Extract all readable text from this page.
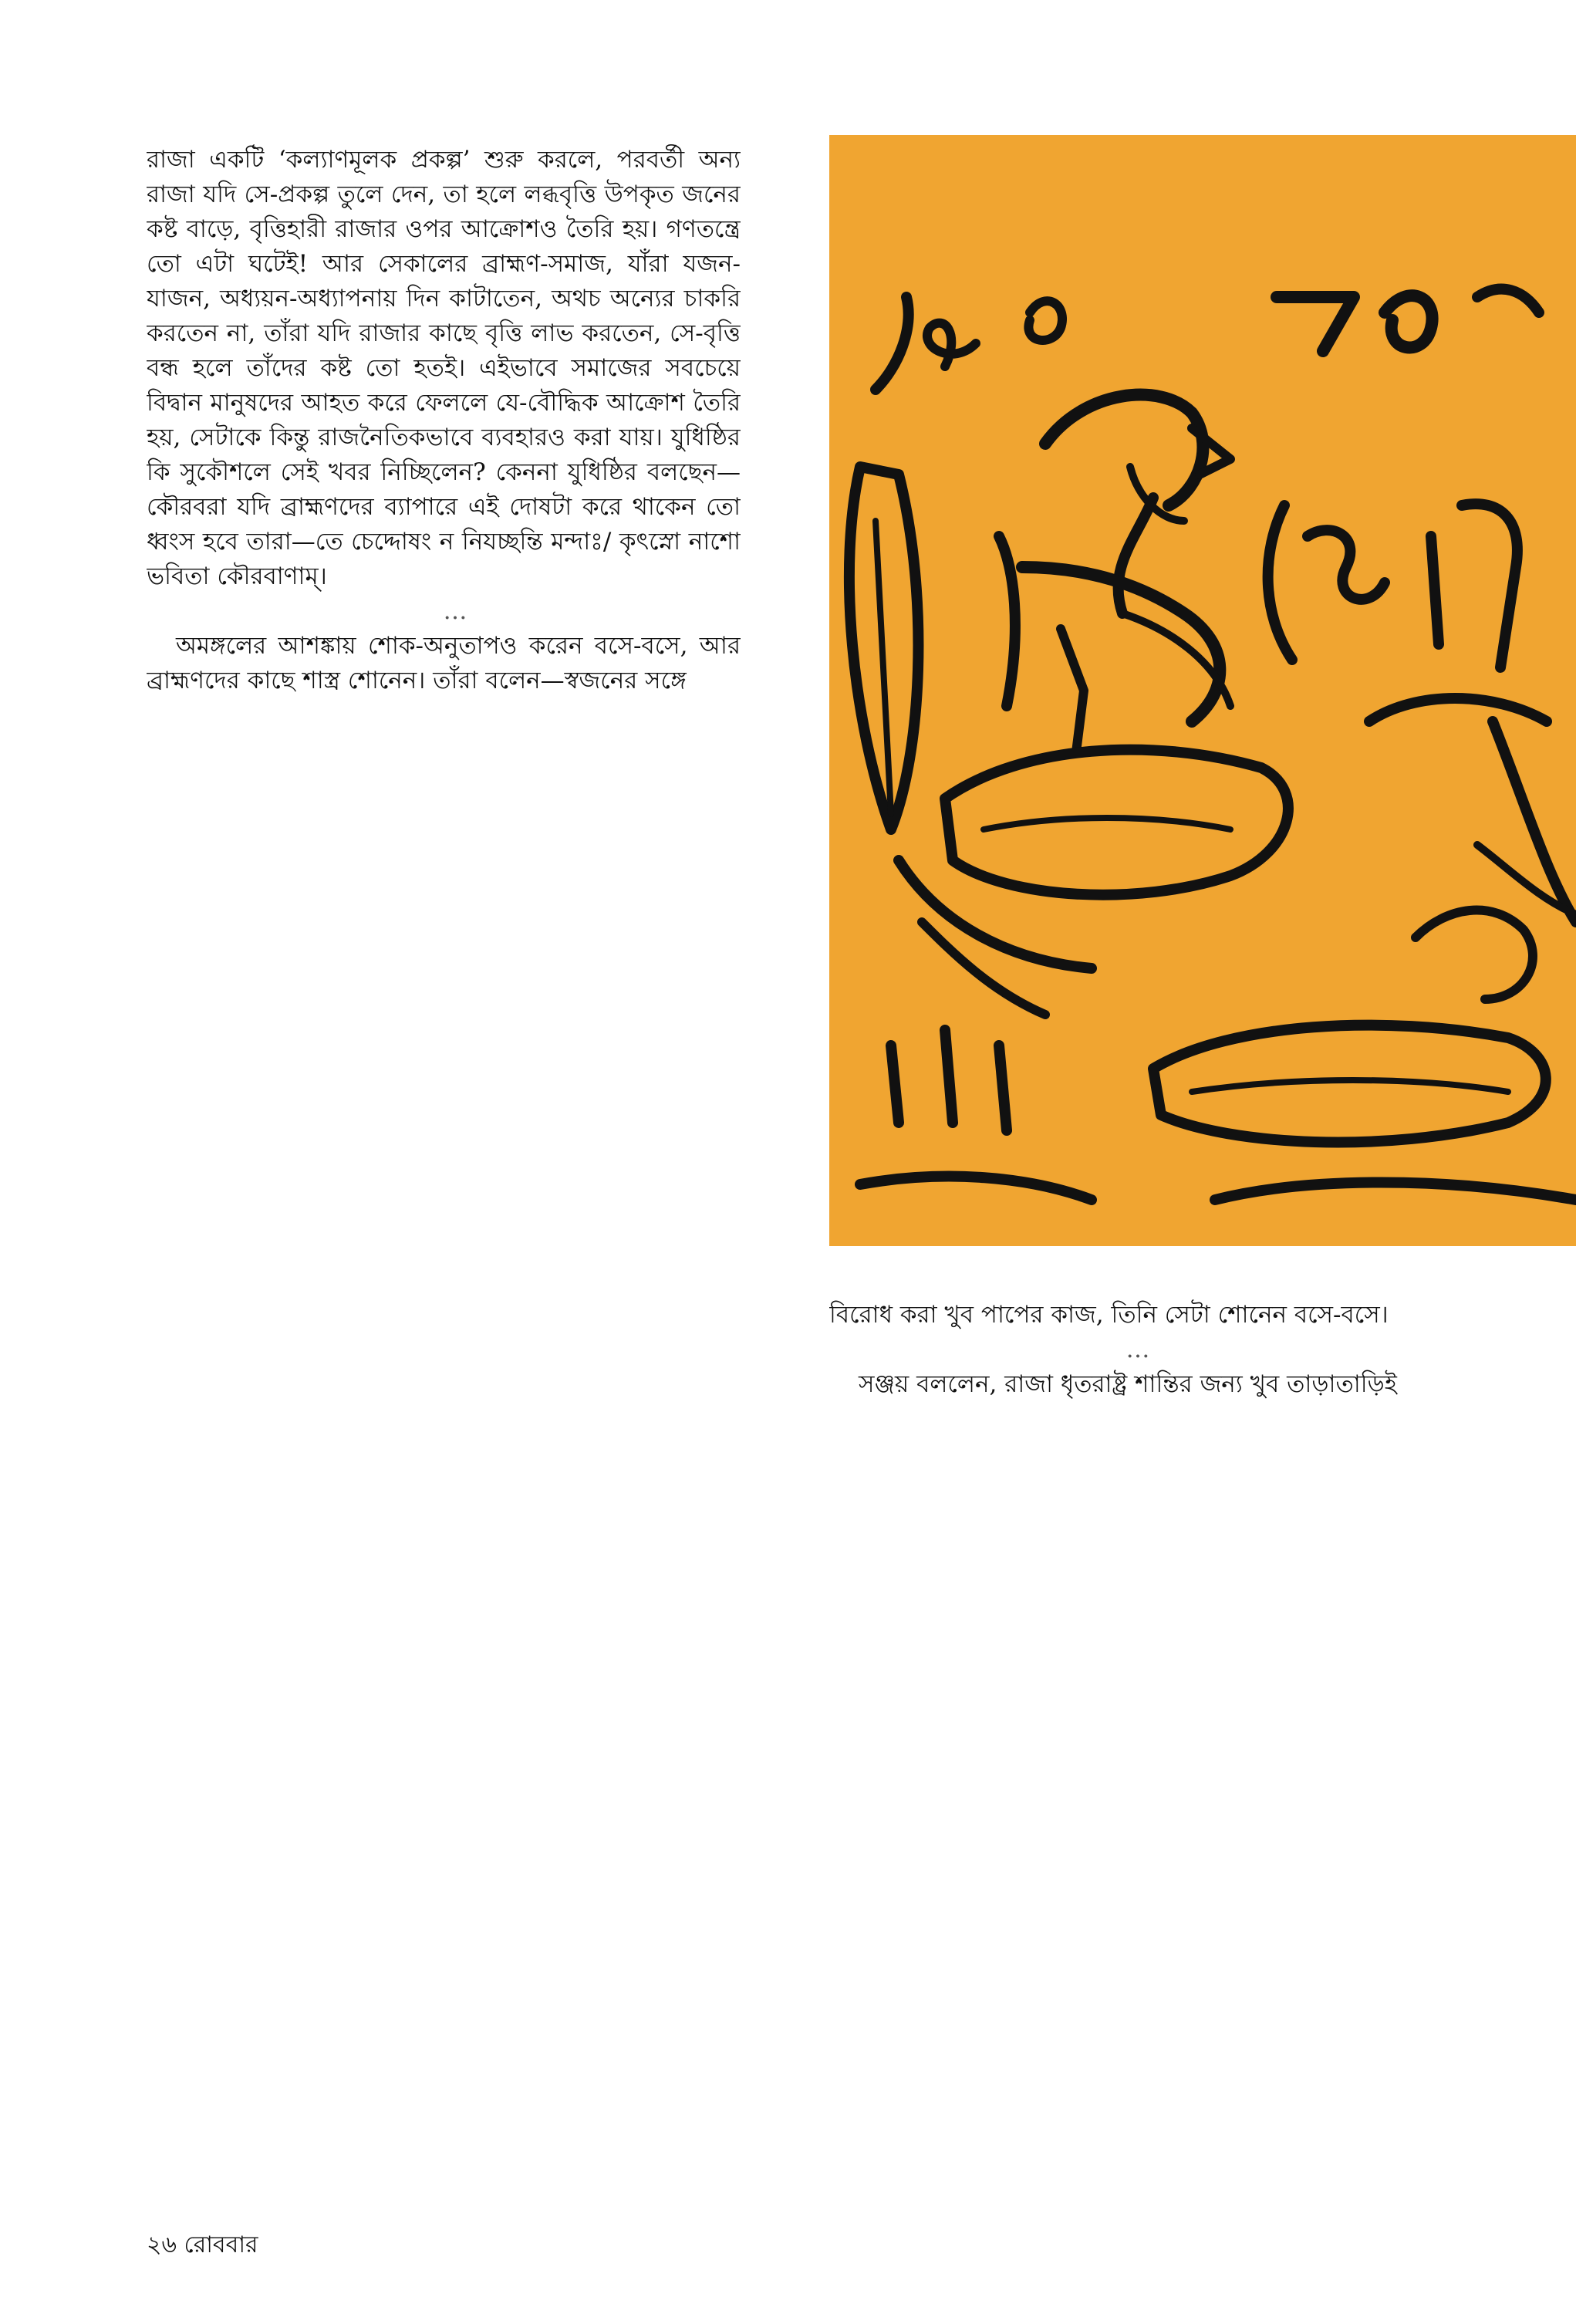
রাজা একটি ‘কল্যাণমূলক প্রকল্প’ শুরু করলে, পরবর্তী অন্য রাজা যদি সে-প্রকল্প তুলে দেন, তা হলে লব্ধবৃত্তি উপকৃত জনের কষ্ট বাড়ে, বৃত্তিহারী রাজার ওপর আক্রোশও তৈরি হয়। গণতন্ত্রে তো এটা ঘটেই! আর সেকালের ব্রাহ্মণ-সমাজ, যাঁরা যজন-যাজন, অধ্যয়ন-অধ্যাপনায় দিন কাটাতেন, অথচ অন্যের চাকরি করতেন না, তাঁরা যদি রাজার কাছে বৃত্তি লাভ করতেন, সে-বৃত্তি বন্ধ হলে তাঁদের কষ্ট তো হতই। এইভাবে সমাজের সবচেয়ে বিদ্বান মানুষদের আহত করে ফেললে যে-বৌদ্ধিক আক্রোশ তৈরি হয়, সেটাকে কিন্তু রাজনৈতিকভাবে ব্যবহারও করা যায়। যুধিষ্ঠির কি সুকৌশলে সেই খবর নিচ্ছিলেন? কেননা যুধিষ্ঠির বলছেন—কৌরবরা যদি ব্রাহ্মণদের ব্যাপারে এই দোষটা করে থাকেন তো ধ্বংস হবে তারা—তে চেদ্দোষং ন নিযচ্ছন্তি মন্দাঃ/ কৃৎস্নো নাশো ভবিতা কৌরবাণাম্‌।

…

অমঙ্গলের আশঙ্কায় শোক-অনুতাপও করেন বসে-বসে, আর ব্রাহ্মণদের কাছে শাস্ত্র শোনেন। তাঁরা বলেন—স্বজনের সঙ্গে

বিরোধ করা খুব পাপের কাজ, তিনি সেটা শোনেন বসে-বসে।

…

সঞ্জয় বললেন, রাজা ধৃতরাষ্ট্র শান্তির জন্য খুব তাড়াতাড়িই

২৬ রোববার
